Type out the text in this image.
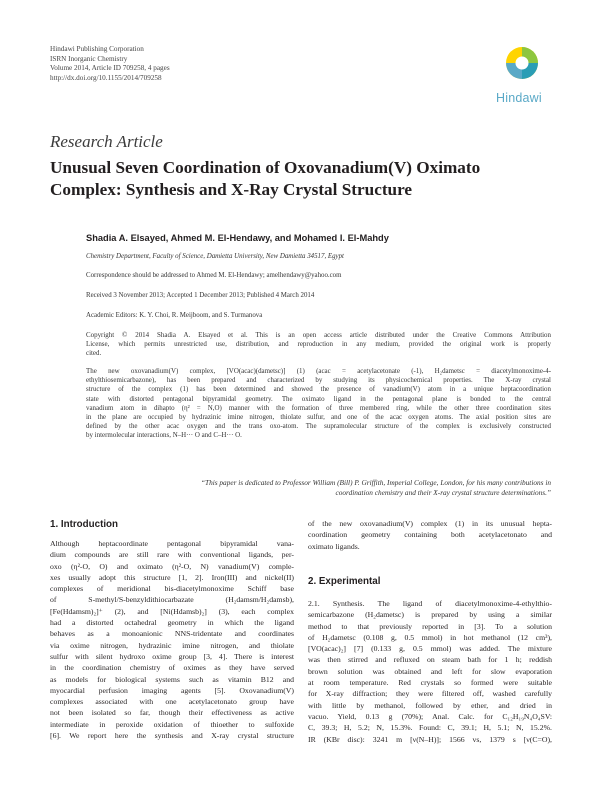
Hindawi Publishing Corporation
ISRN Inorganic Chemistry
Volume 2014, Article ID 709258, 4 pages
http://dx.doi.org/10.1155/2014/709258
Hindawi
Research Article
Unusual Seven Coordination of Oxovanadium(V) Oximato
Complex: Synthesis and X-Ray Crystal Structure
Shadia A. Elsayed, Ahmed M. El-Hendawy, and Mohamed I. El-Mahdy
Chemistry Department, Faculty of Science, Damietta University, New Damietta 34517, Egypt
Correspondence should be addressed to Ahmed M. El-Hendawy; amelhendawy@yahoo.com
Received 3 November 2013; Accepted 1 December 2013; Published 4 March 2014
Academic Editors: K. Y. Choi, R. Meijboom, and S. Turmanova
Copyright © 2014 Shadia A. Elsayed et al. This is an open access article distributed under the Creative Commons Attribution
License, which permits unrestricted use, distribution, and reproduction in any medium, provided the original work is properly
cited.
The new oxovanadium(V) complex, [VO(acac)(dametsc)] (1) (acac = acetylacetonate (-1), H₂dametsc = diacetylmonoxime-4-
ethylthiosemicarbazone), has been prepared and characterized by studying its physicochemical properties. The X-ray crystal
structure of the complex (1) has been determined and showed the presence of vanadium(V) atom in a unique heptacoordination
state with distorted pentagonal bipyramidal geometry. The oximato ligand in the pentagonal plane is bonded to the central
vanadium atom in dihapto (η² = N,O) manner with the formation of three membered ring, while the other three coordination sites
in the plane are occupied by hydrazinic imine nitrogen, thiolate sulfur, and one of the acac oxygen atoms. The axial position sites are
defined by the other acac oxygen and the trans oxo-atom. The supramolecular structure of the complex is exclusively constructed
by intermolecular interactions, N–H··· O and C–H··· O.
“This paper is dedicated to Professor William (Bill) P. Griffith, Imperial College, London, for his many contributions in
coordination chemistry and their X-ray crystal structure determinations.”
1. Introduction
Although heptacoordinate pentagonal bipyramidal vana-
dium compounds are still rare with conventional ligands, per-
oxo (η²-O, O) and oximato (η²-O, N) vanadium(V) comple-
xes usually adopt this structure [1, 2]. Iron(III) and nickel(II)
complexes of meridional bis-diacetylmonoxime Schiff base
of S-methyl/S-benzyldithiocarbazate (H₂damsm/H₂damsb),
[Fe(Hdamsm)₂]⁺ (2), and [Ni(Hdamsb)₂] (3), each complex
had a distorted octahedral geometry in which the ligand
behaves as a monoanionic NNS-tridentate and coordinates
via oxime nitrogen, hydrazinic imine nitrogen, and thiolate
sulfur with silent hydroxo oxime group [3, 4]. There is interest
in the coordination chemistry of oximes as they have served
as models for biological systems such as vitamin B12 and
myocardial perfusion imaging agents [5]. Oxovanadium(V)
complexes associated with one acetylacetonato group have
not been isolated so far, though their effectiveness as active
intermediate in peroxide oxidation of thioether to sulfoxide
[6]. We report here the synthesis and X-ray crystal structure
of the new oxovanadium(V) complex (1) in its unusual hepta-
coordination geometry containing both acetylacetonato and
oximato ligands.
2. Experimental
2.1. Synthesis. The ligand of diacetylmonoxime-4-ethylthio-
semicarbazone (H₂dametsc) is prepared by using a similar
method to that previously reported in [3]. To a solution
of H₂dametsc (0.108 g, 0.5 mmol) in hot methanol (12 cm³),
[VO(acac)₂] [7] (0.133 g, 0.5 mmol) was added. The mixture
was then stirred and refluxed on steam bath for 1 h; reddish
brown solution was obtained and left for slow evaporation
at room temperature. Red crystals so formed were suitable
for X-ray diffraction; they were filtered off, washed carefully
with little by methanol, followed by ether, and dried in
vacuo. Yield, 0.13 g (70%); Anal. Calc. for C₁₂H₁₉N₄O₄SV:
C, 39.3; H, 5.2; N, 15.3%. Found: C, 39.1; H, 5.1; N, 15.2%.
IR (KBr disc): 3241 m [ν(N–H)]; 1566 vs, 1379 s [ν(C=O),
